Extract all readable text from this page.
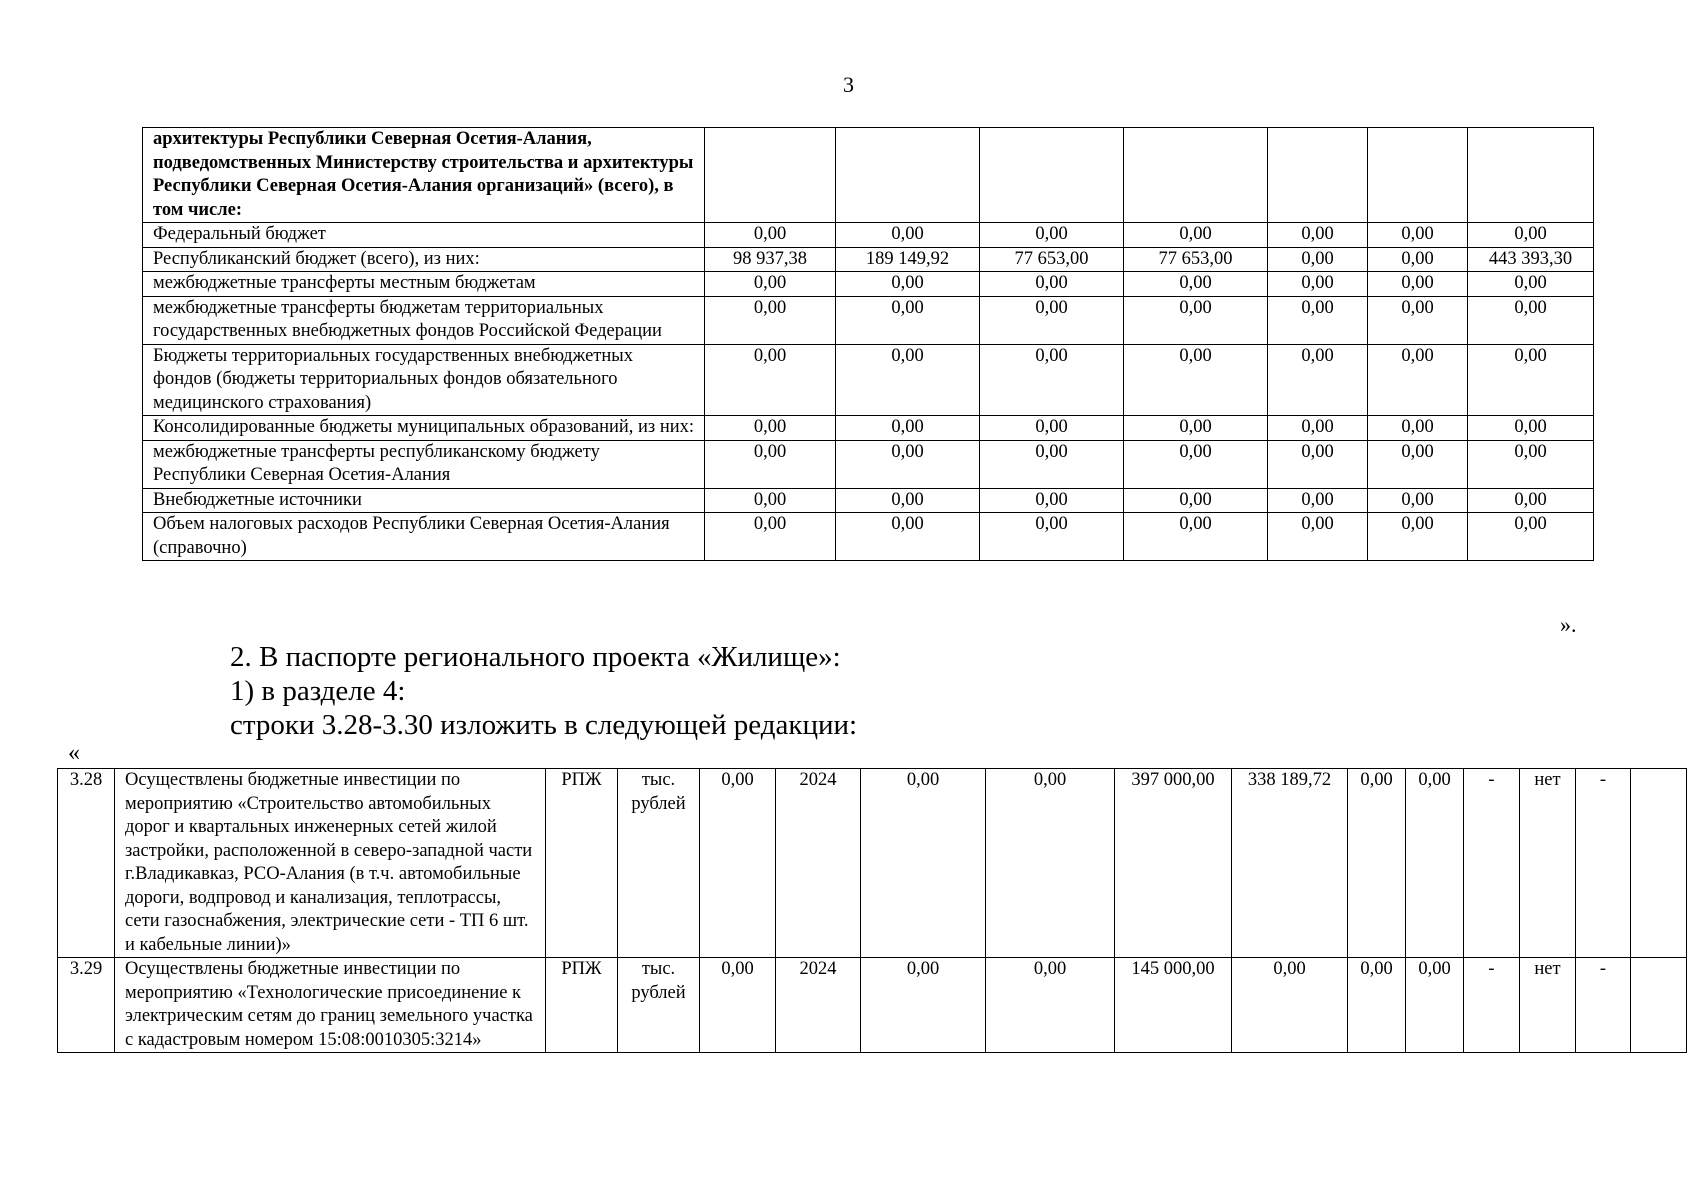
3
архитектуры Республики Северная Осетия-Алания, подведомственных Министерству строительства и архитектуры Республики Северная Осетия-Алания организаций» (всего), в том числе:							
Федеральный бюджет	0,00	0,00	0,00	0,00	0,00	0,00	0,00
Республиканский бюджет (всего), из них:	98 937,38	189 149,92	77 653,00	77 653,00	0,00	0,00	443 393,30
межбюджетные трансферты местным бюджетам	0,00	0,00	0,00	0,00	0,00	0,00	0,00
межбюджетные трансферты бюджетам территориальных государственных внебюджетных фондов Российской Федерации	0,00	0,00	0,00	0,00	0,00	0,00	0,00
Бюджеты территориальных государственных внебюджетных фондов (бюджеты территориальных фондов обязательного медицинского страхования)	0,00	0,00	0,00	0,00	0,00	0,00	0,00
Консолидированные бюджеты муниципальных образований, из них:	0,00	0,00	0,00	0,00	0,00	0,00	0,00
межбюджетные трансферты республиканскому бюджету Республики Северная Осетия-Алания	0,00	0,00	0,00	0,00	0,00	0,00	0,00
Внебюджетные источники	0,00	0,00	0,00	0,00	0,00	0,00	0,00
Объем налоговых расходов Республики Северная Осетия-Алания (справочно)	0,00	0,00	0,00	0,00	0,00	0,00	0,00
».
2. В паспорте регионального проекта «Жилище»:
1) в разделе 4:
строки 3.28-3.30 изложить в следующей редакции:
«
3.28	Осуществлены бюджетные инвестиции по мероприятию «Строительство автомобильных дорог и квартальных инженерных сетей жилой застройки, расположенной в северо-западной части г.Владикавказ, РСО-Алания (в т.ч. автомобильные дороги, водпровод и канализация, теплотрассы, сети газоснабжения, электрические сети - ТП 6 шт. и кабельные линии)»	РПЖ	тыс. рублей	0,00	2024	0,00	0,00	397 000,00	338 189,72	0,00	0,00	-	нет	-	
3.29	Осуществлены бюджетные инвестиции по мероприятию «Технологические присоединение к электрическим сетям до границ земельного участка с кадастровым номером 15:08:0010305:3214»	РПЖ	тыс. рублей	0,00	2024	0,00	0,00	145 000,00	0,00	0,00	0,00	-	нет	-	
